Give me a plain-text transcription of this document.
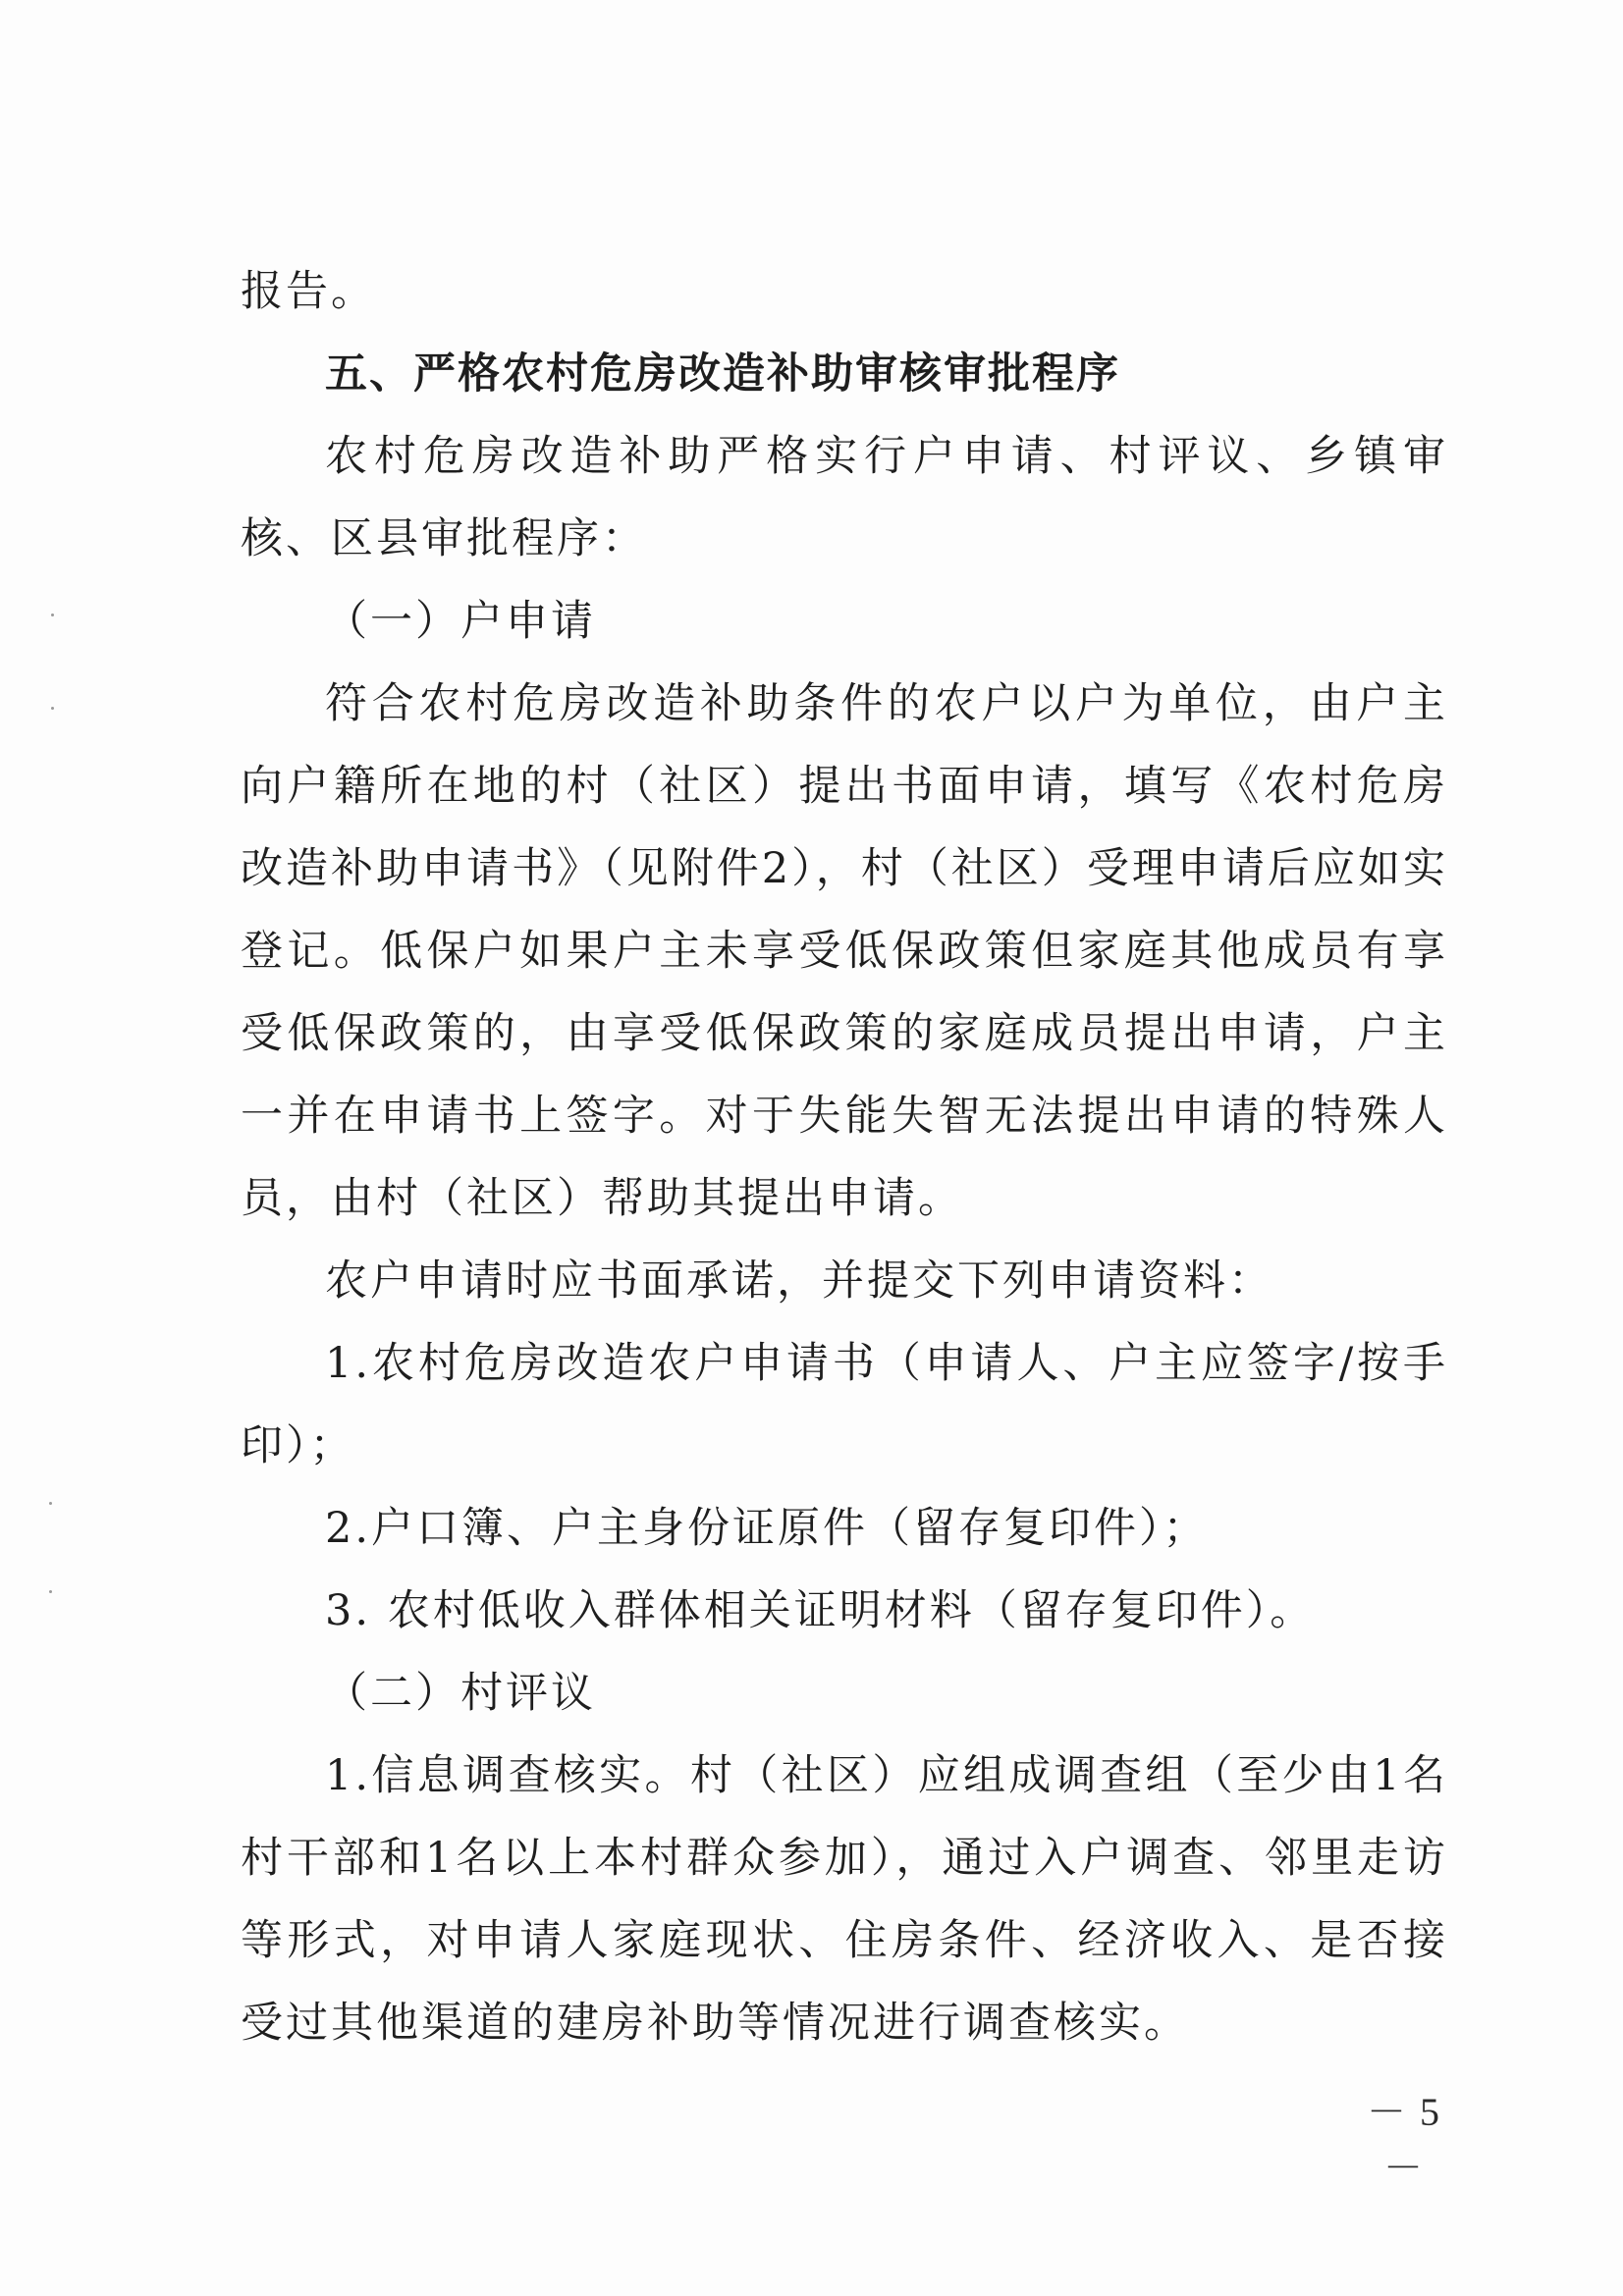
报告。

五、严格农村危房改造补助审核审批程序

农村危房改造补助严格实行户申请、村评议、乡镇审核、区县审批程序：

（一）户申请

符合农村危房改造补助条件的农户以户为单位，由户主向户籍所在地的村（社区）提出书面申请，填写《农村危房改造补助申请书》（见附件2），村（社区）受理申请后应如实登记。低保户如果户主未享受低保政策但家庭其他成员有享受低保政策的，由享受低保政策的家庭成员提出申请，户主一并在申请书上签字。对于失能失智无法提出申请的特殊人员，由村（社区）帮助其提出申请。

农户申请时应书面承诺，并提交下列申请资料：

1.农村危房改造农户申请书（申请人、户主应签字/按手印）；

2.户口簿、户主身份证原件（留存复印件）；

3. 农村低收入群体相关证明材料（留存复印件）。

（二）村评议

1.信息调查核实。村（社区）应组成调查组（至少由1名村干部和1名以上本村群众参加），通过入户调查、邻里走访等形式，对申请人家庭现状、住房条件、经济收入、是否接受过其他渠道的建房补助等情况进行调查核实。

－ 5 －
